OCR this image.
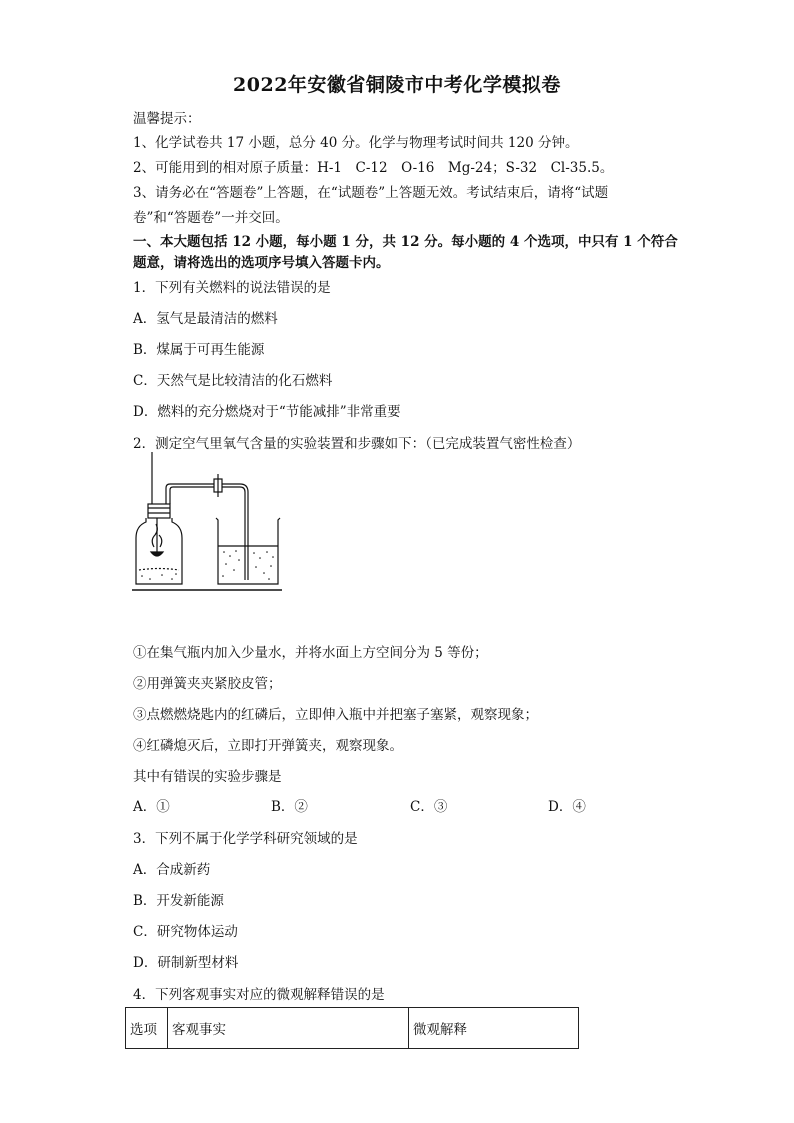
2022年安徽省铜陵市中考化学模拟卷
温馨提示：
1、化学试卷共 17 小题，总分 40 分。化学与物理考试时间共 120 分钟。
2、可能用到的相对原子质量：H-1　C-12　O-16　Mg-24；S-32　Cl-35.5。
3、请务必在“答题卷”上答题，在“试题卷”上答题无效。考试结束后，请将“试题
卷”和“答题卷”一并交回。
一、本大题包括 12 小题，每小题 1 分，共 12 分。每小题的 4 个选项，中只有 1 个符合
题意，请将选出的选项序号填入答题卡内。
1．下列有关燃料的说法错误的是
A．氢气是最清洁的燃料
B．煤属于可再生能源
C．天然气是比较清洁的化石燃料
D．燃料的充分燃烧对于“节能减排”非常重要
2．测定空气里氧气含量的实验装置和步骤如下：（已完成装置气密性检查）
①在集气瓶内加入少量水，并将水面上方空间分为 5 等份；
②用弹簧夹夹紧胶皮管；
③点燃燃烧匙内的红磷后，立即伸入瓶中并把塞子塞紧，观察现象；
④红磷熄灭后，立即打开弹簧夹，观察现象。
其中有错误的实验步骤是
A．①	B．②	C．③	D．④
3．下列不属于化学学科研究领域的是
A．合成新药
B．开发新能源
C．研究物体运动
D．研制新型材料
4．下列客观事实对应的微观解释错误的是
选项	客观事实	微观解释
